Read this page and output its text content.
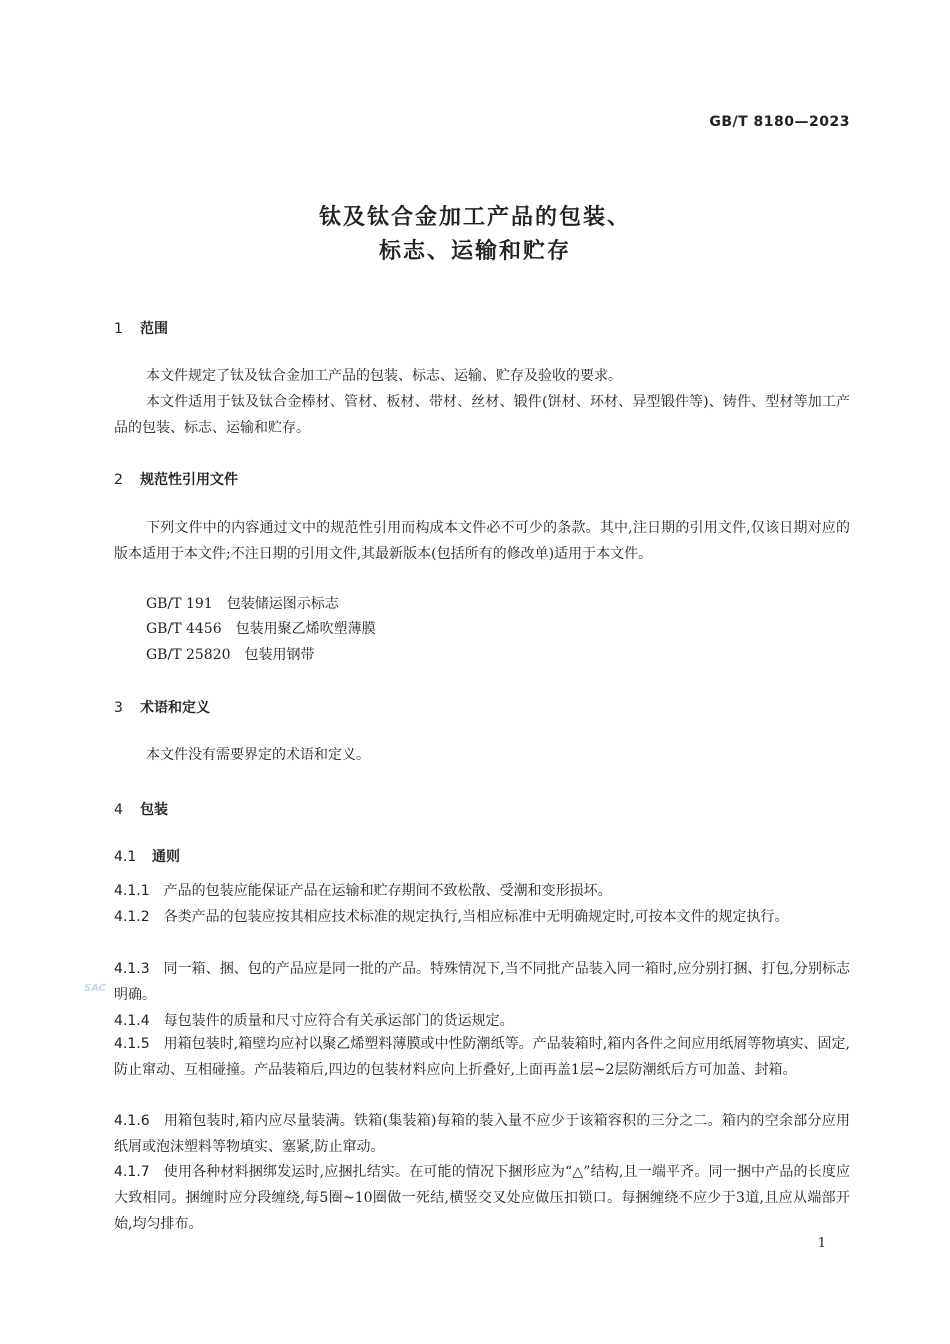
GB/T 8180—2023
钛及钛合金加工产品的包装、
标志、运输和贮存
1 范围
本文件规定了钛及钛合金加工产品的包装、标志、运输、贮存及验收的要求。
本文件适用于钛及钛合金棒材、管材、板材、带材、丝材、锻件(饼材、环材、异型锻件等)、铸件、型材等加工产品的包装、标志、运输和贮存。
2 规范性引用文件
下列文件中的内容通过文中的规范性引用而构成本文件必不可少的条款。其中,注日期的引用文件,仅该日期对应的版本适用于本文件;不注日期的引用文件,其最新版本(包括所有的修改单)适用于本文件。
GB/T 191 包装储运图示标志
GB/T 4456 包装用聚乙烯吹塑薄膜
GB/T 25820 包装用钢带
3 术语和定义
本文件没有需要界定的术语和定义。
4 包装
4.1 通则
4.1.1 产品的包装应能保证产品在运输和贮存期间不致松散、受潮和变形损坏。
4.1.2 各类产品的包装应按其相应技术标准的规定执行,当相应标准中无明确规定时,可按本文件的规定执行。
4.1.3 同一箱、捆、包的产品应是同一批的产品。特殊情况下,当不同批产品装入同一箱时,应分别打捆、打包,分别标志明确。
4.1.4 每包装件的质量和尺寸应符合有关承运部门的货运规定。
4.1.5 用箱包装时,箱壁均应衬以聚乙烯塑料薄膜或中性防潮纸等。产品装箱时,箱内各件之间应用纸屑等物填实、固定,防止窜动、互相碰撞。产品装箱后,四边的包装材料应向上折叠好,上面再盖1层~2层防潮纸后方可加盖、封箱。
4.1.6 用箱包装时,箱内应尽量装满。铁箱(集装箱)每箱的装入量不应少于该箱容积的三分之二。箱内的空余部分应用纸屑或泡沫塑料等物填实、塞紧,防止窜动。
4.1.7 使用各种材料捆绑发运时,应捆扎结实。在可能的情况下捆形应为“△”结构,且一端平齐。同一捆中产品的长度应大致相同。捆缠时应分段缠绕,每5圈~10圈做一死结,横竖交叉处应做压扣锁口。每捆缠绕不应少于3道,且应从端部开始,均匀排布。
SAC
1
